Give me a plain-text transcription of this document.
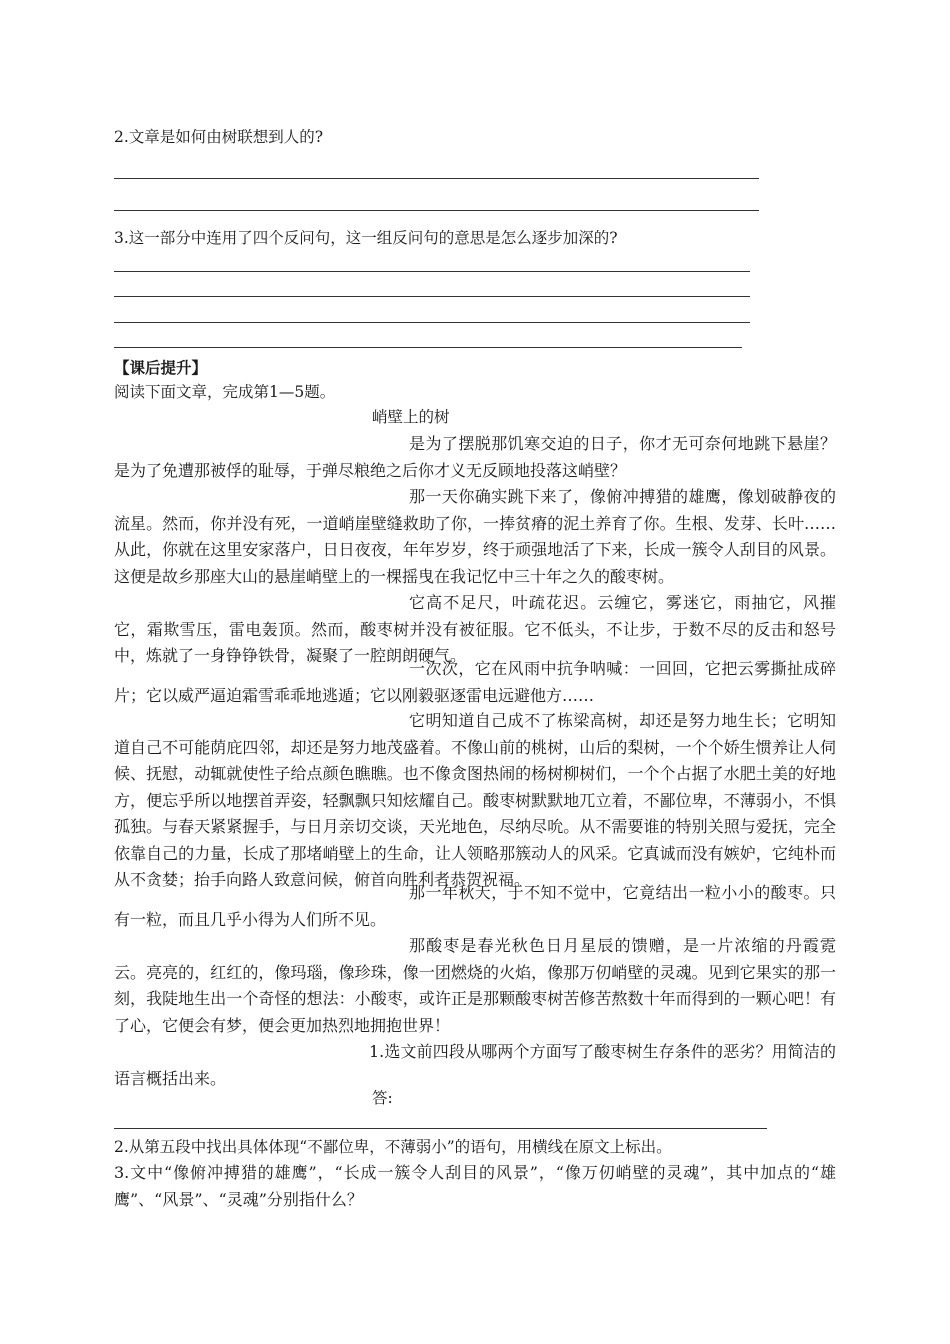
2.文章是如何由树联想到人的?
3.这一部分中连用了四个反问句，这一组反问句的意思是怎么逐步加深的?
【课后提升】
阅读下面文章，完成第1—5题。
峭壁上的树
是为了摆脱那饥寒交迫的日子，你才无可奈何地跳下悬崖？是为了免遭那被俘的耻辱，于弹尽粮绝之后你才义无反顾地投落这峭壁？
那一天你确实跳下来了，像俯冲搏猎的雄鹰，像划破静夜的流星。然而，你并没有死，一道峭崖壁缝救助了你，一捧贫瘠的泥土养育了你。生根、发芽、长叶……从此，你就在这里安家落户，日日夜夜，年年岁岁，终于顽强地活了下来，长成一簇令人刮目的风景。这便是故乡那座大山的悬崖峭壁上的一棵摇曳在我记忆中三十年之久的酸枣树。
它高不足尺，叶疏花迟。云缠它，雾迷它，雨抽它，风摧它，霜欺雪压，雷电轰顶。然而，酸枣树并没有被征服。它不低头，不让步，于数不尽的反击和怒号中，炼就了一身铮铮铁骨，凝聚了一腔朗朗硬气。
一次次，它在风雨中抗争呐喊：一回回，它把云雾撕扯成碎片；它以威严逼迫霜雪乖乖地逃遁；它以刚毅驱逐雷电远避他方……
它明知道自己成不了栋梁高树，却还是努力地生长；它明知道自己不可能荫庇四邻，却还是努力地茂盛着。不像山前的桃树，山后的梨树，一个个娇生惯养让人伺候、抚慰，动辄就使性子给点颜色瞧瞧。也不像贪图热闹的杨树柳树们，一个个占据了水肥土美的好地方，便忘乎所以地摆首弄姿，轻飘飘只知炫耀自己。酸枣树默默地兀立着，不鄙位卑，不薄弱小，不惧孤独。与春天紧紧握手，与日月亲切交谈，天光地色，尽纳尽吮。从不需要谁的特别关照与爱抚，完全依靠自己的力量，长成了那堵峭壁上的生命，让人领略那簇动人的风采。它真诚而没有嫉妒，它纯朴而从不贪婪；抬手向路人致意问候，俯首向胜利者恭贺祝福。
那一年秋天，于不知不觉中，它竟结出一粒小小的酸枣。只有一粒，而且几乎小得为人们所不见。
那酸枣是春光秋色日月星辰的馈赠，是一片浓缩的丹霞霓云。亮亮的，红红的，像玛瑙，像珍珠，像一团燃烧的火焰，像那万仞峭壁的灵魂。见到它果实的那一刻，我陡地生出一个奇怪的想法：小酸枣，或许正是那颗酸枣树苦修苦熬数十年而得到的一颗心吧！有了心，它便会有梦，便会更加热烈地拥抱世界！
1.选文前四段从哪两个方面写了酸枣树生存条件的恶劣？用简洁的语言概括出来。
答:
2.从第五段中找出具体体现“不鄙位卑，不薄弱小”的语句，用横线在原文上标出。
3.文中“像俯冲搏猎的雄鹰”，“长成一簇令人刮目的风景”，“像万仞峭壁的灵魂”，其中加点的“雄鹰”、“风景”、“灵魂”分别指什么？
